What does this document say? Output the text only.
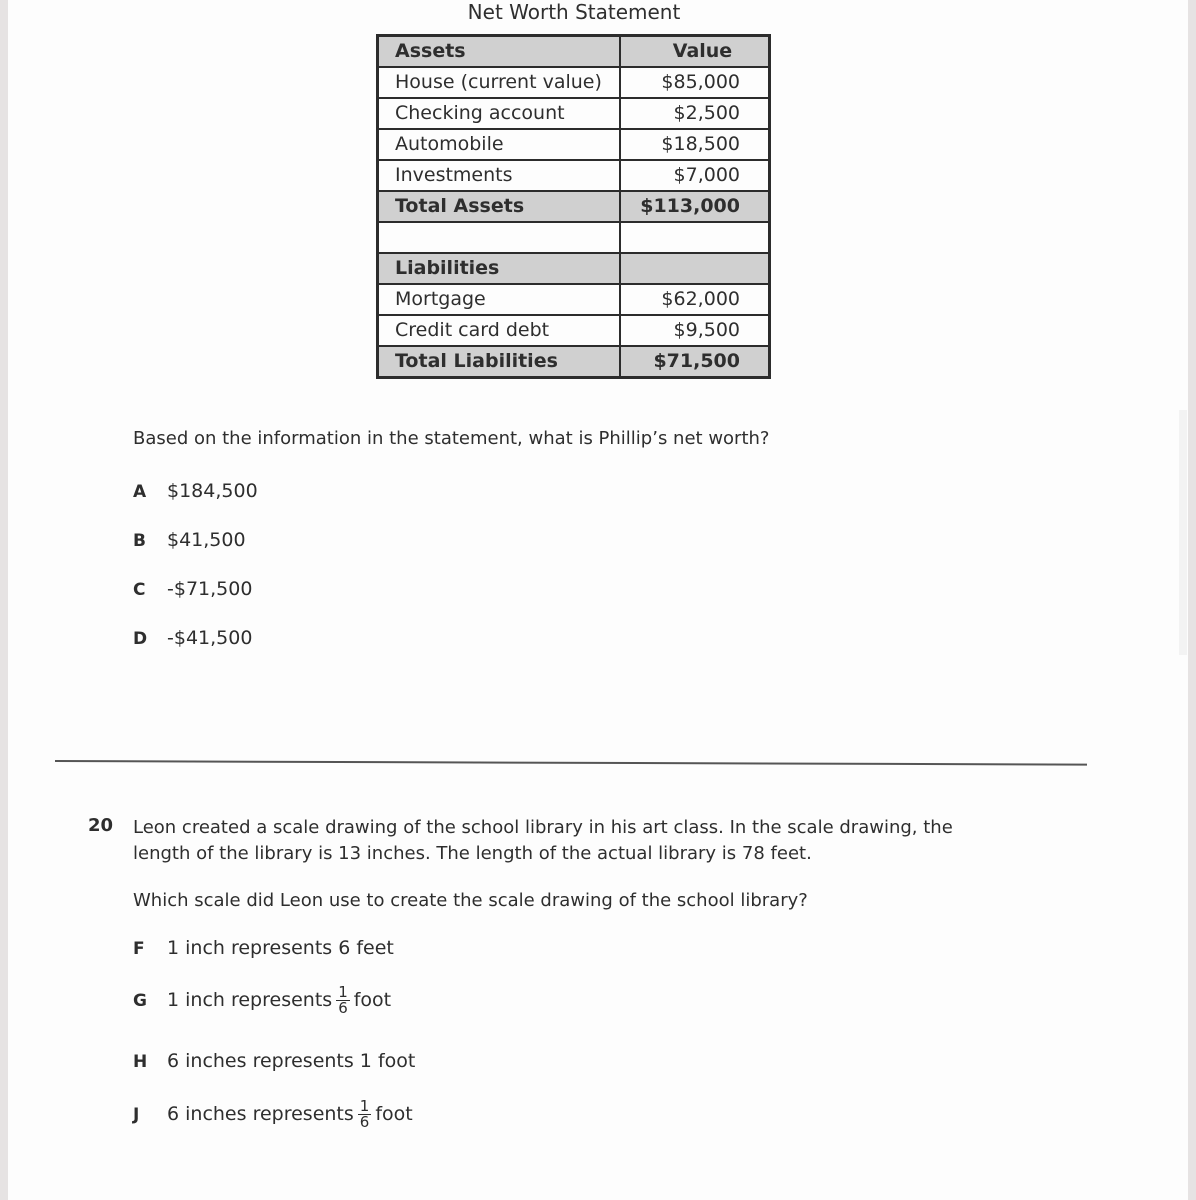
Net Worth Statement
Assets	Value
House (current value)	$85,000
Checking account	$2,500
Automobile	$18,500
Investments	$7,000
Total Assets	$113,000

Liabilities	
Mortgage	$62,000
Credit card debt	$9,500
Total Liabilities	$71,500
Based on the information in the statement, what is Phillip’s net worth?
A $184,500
B $41,500
C -$71,500
D -$41,500
20 Leon created a scale drawing of the school library in his art class. In the scale drawing, the
length of the library is 13 inches. The length of the actual library is 78 feet.
Which scale did Leon use to create the scale drawing of the school library?
F 1 inch represents 6 feet
G 1 inch represents $\frac{1}{6}$ foot
H 6 inches represents 1 foot
J 6 inches represents $\frac{1}{6}$ foot
